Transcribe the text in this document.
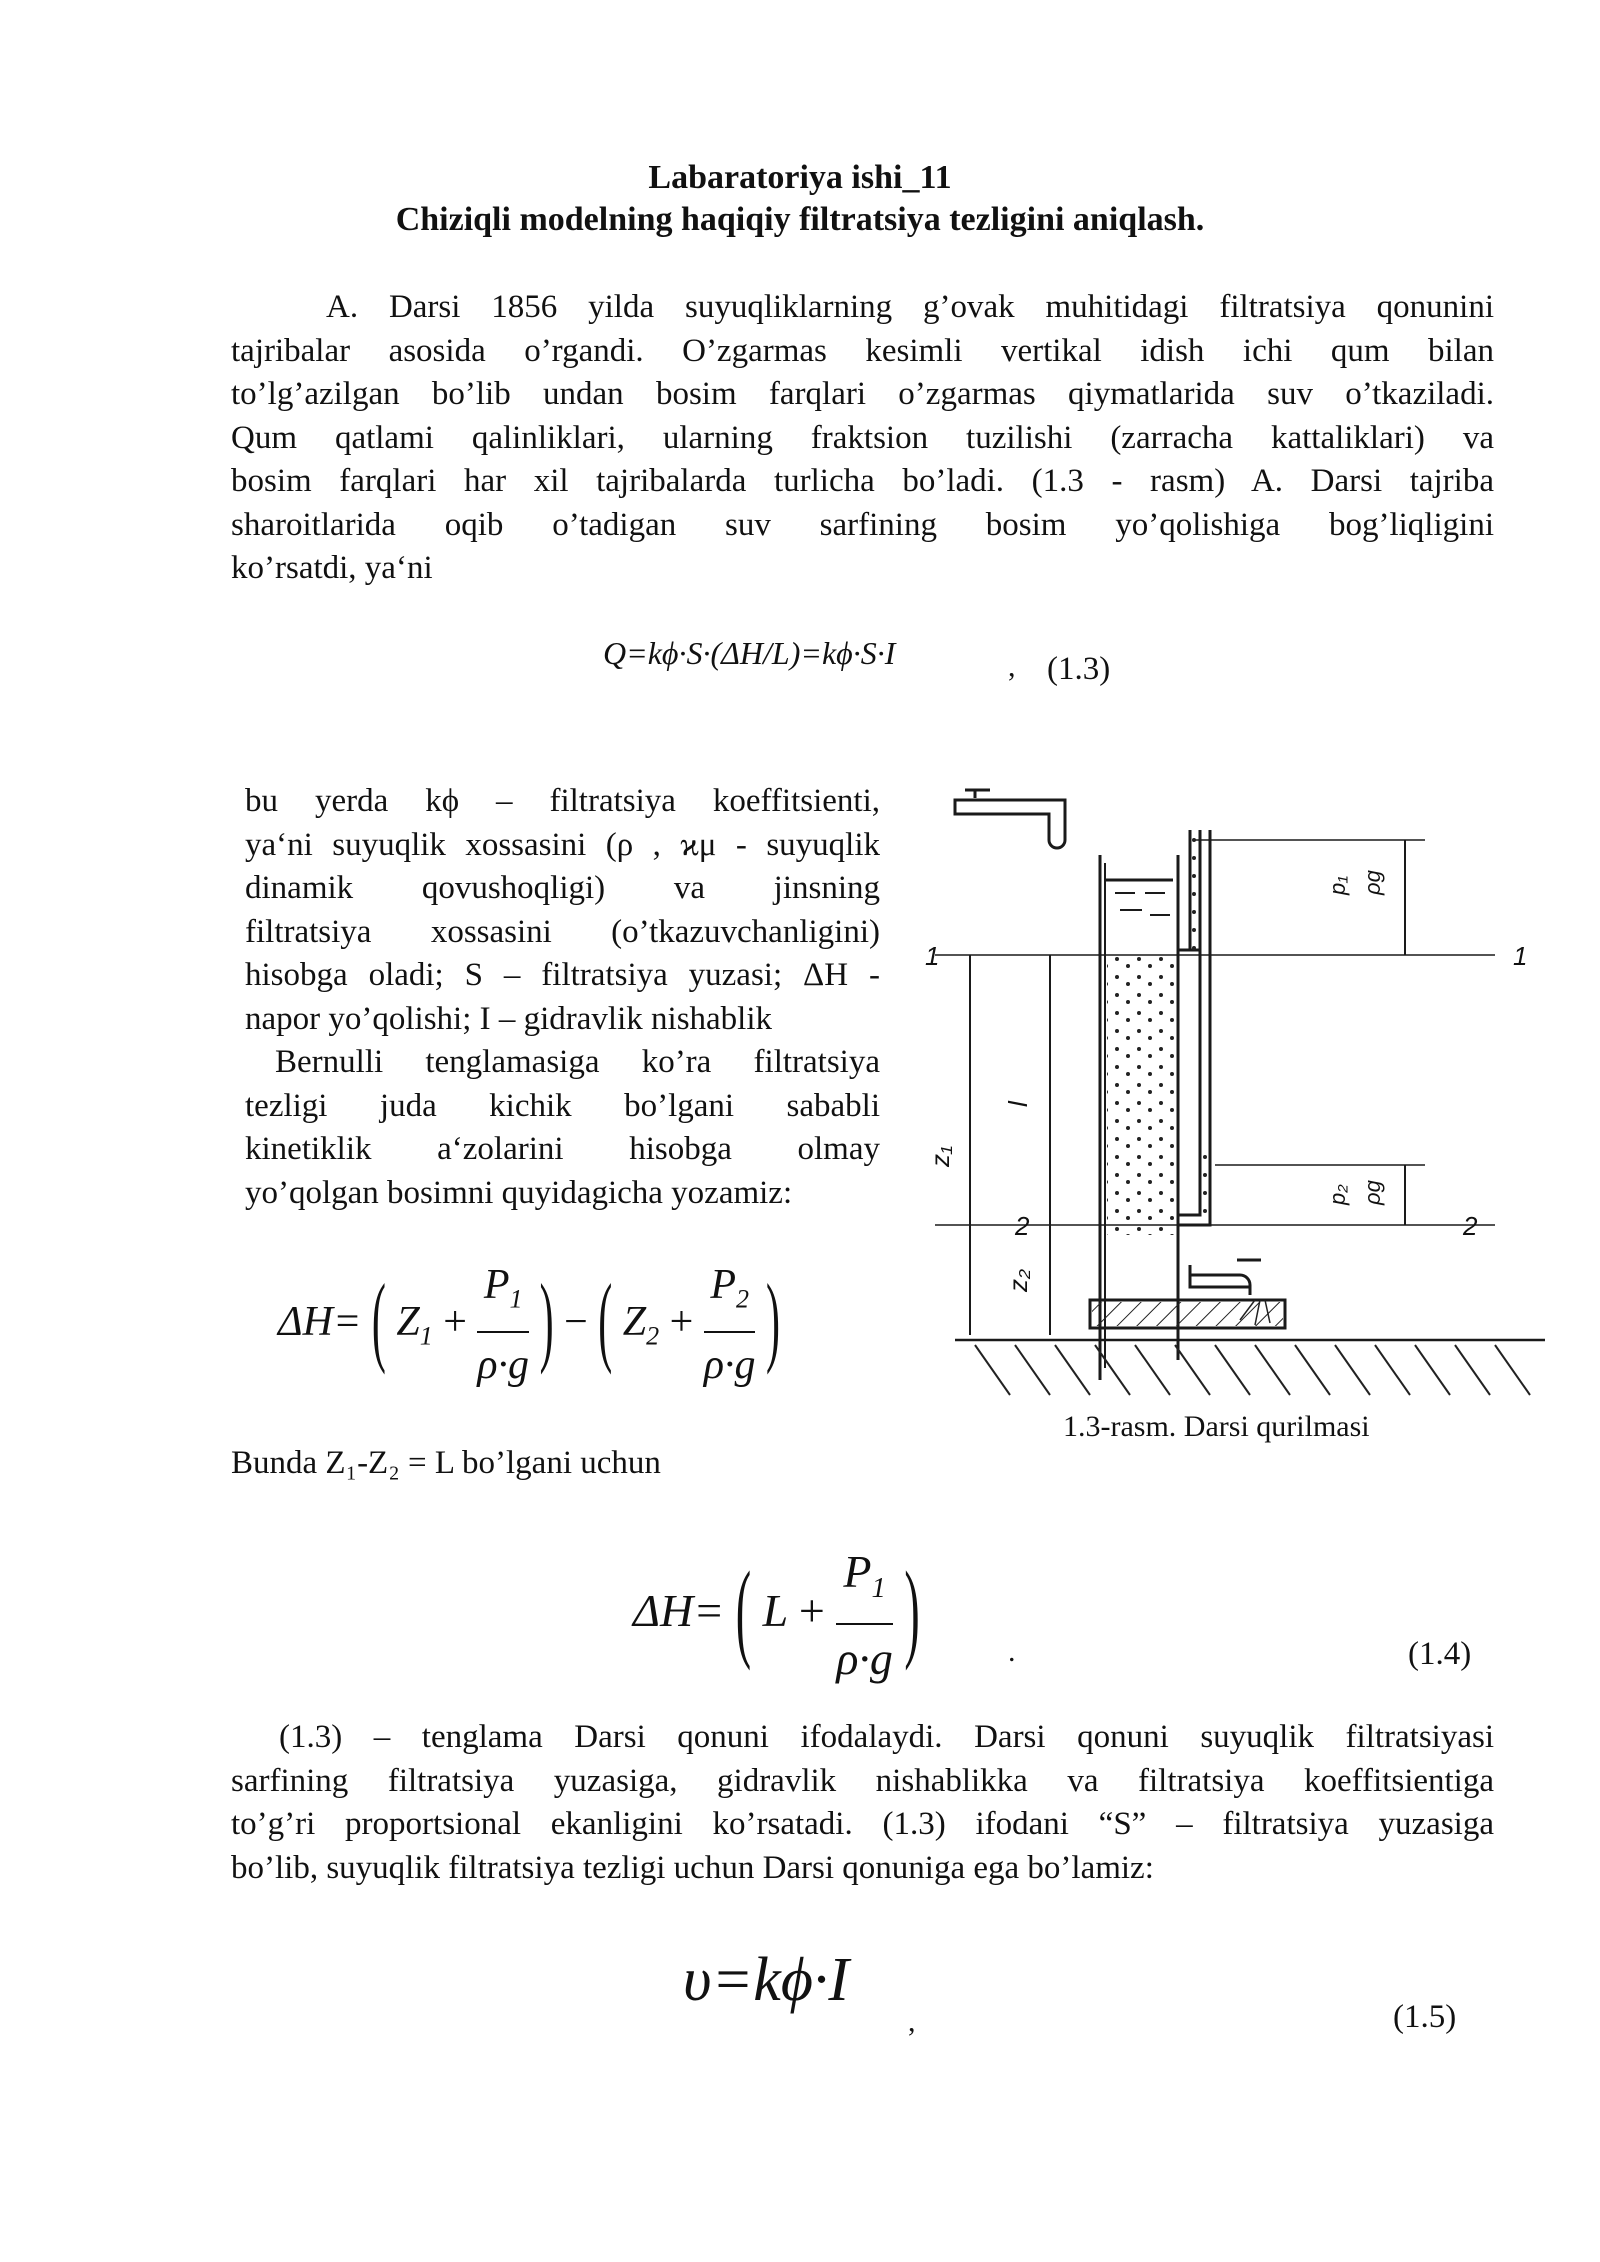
Labaratoriya ishi_11
Chiziqli modelning haqiqiy filtratsiya tezligini aniqlash.
A. Darsi 1856 yilda suyuqliklarning g’ovak muhitidagi filtratsiya qonunini
tajribalar asosida o’rgandi. O’zgarmas kesimli vertikal idish ichi qum bilan
to’lg’azilgan bo’lib undan bosim farqlari o’zgarmas qiymatlarida suv o’tkaziladi.
Qum qatlami qalinliklari, ularning fraktsion tuzilishi (zarracha kattaliklari) va
bosim farqlari har xil tajribalarda turlicha bo’ladi. (1.3 - rasm) A. Darsi tajriba
sharoitlarida oqib o’tadigan suv sarfining bosim yo’qolishiga bog’liqligini
ko’rsatdi, ya‘ni
Q=kϕ·S·(ΔH/L)=kϕ·S·I	, (1.3)
bu yerda kϕ – filtratsiya koeffitsienti,
ya‘ni suyuqlik xossasini (ρ , ϰμ - suyuqlik
dinamik qovushoqligi) va jinsning
filtratsiya xossasini (o’tkazuvchanligini)
hisobga oladi; S – filtratsiya yuzasi; ΔH -
napor yo’qolishi; I – gidravlik nishablik
Bernulli tenglamasiga ko’ra filtratsiya
tezligi juda kichik bo’lgani sababli
kinetiklik a‘zolarini hisobga olmay
yo’qolgan bosimni quyidagicha yozamiz:
ΔH= ( $Z_1 + \frac{P_1}{\rho\cdot g}$ ) − ( $Z_2 + \frac{P_2}{\rho\cdot g}$ )
Bunda Z₁-Z₂ = L bo’lgani uchun
ΔH= ( $L + \frac{P_1}{\rho\cdot g}$ )	.	(1.4)
(1.3) – tenglama Darsi qonuni ifodalaydi. Darsi qonuni suyuqlik filtratsiyasi
sarfining filtratsiya yuzasiga, gidravlik nishablikka va filtratsiya koeffitsientiga
to’g’ri proportsional ekanligini ko’rsatadi. (1.3) ifodani “S” – filtratsiya yuzasiga
bo’lib, suyuqlik filtratsiya tezligi uchun Darsi qonuniga ega bo’lamiz:
υ=kϕ·I
,	(1.5)
1	1
2	2
l
z₁
z₂
p₁ ρg
p₂ ρg
1.3-rasm. Darsi qurilmasi
